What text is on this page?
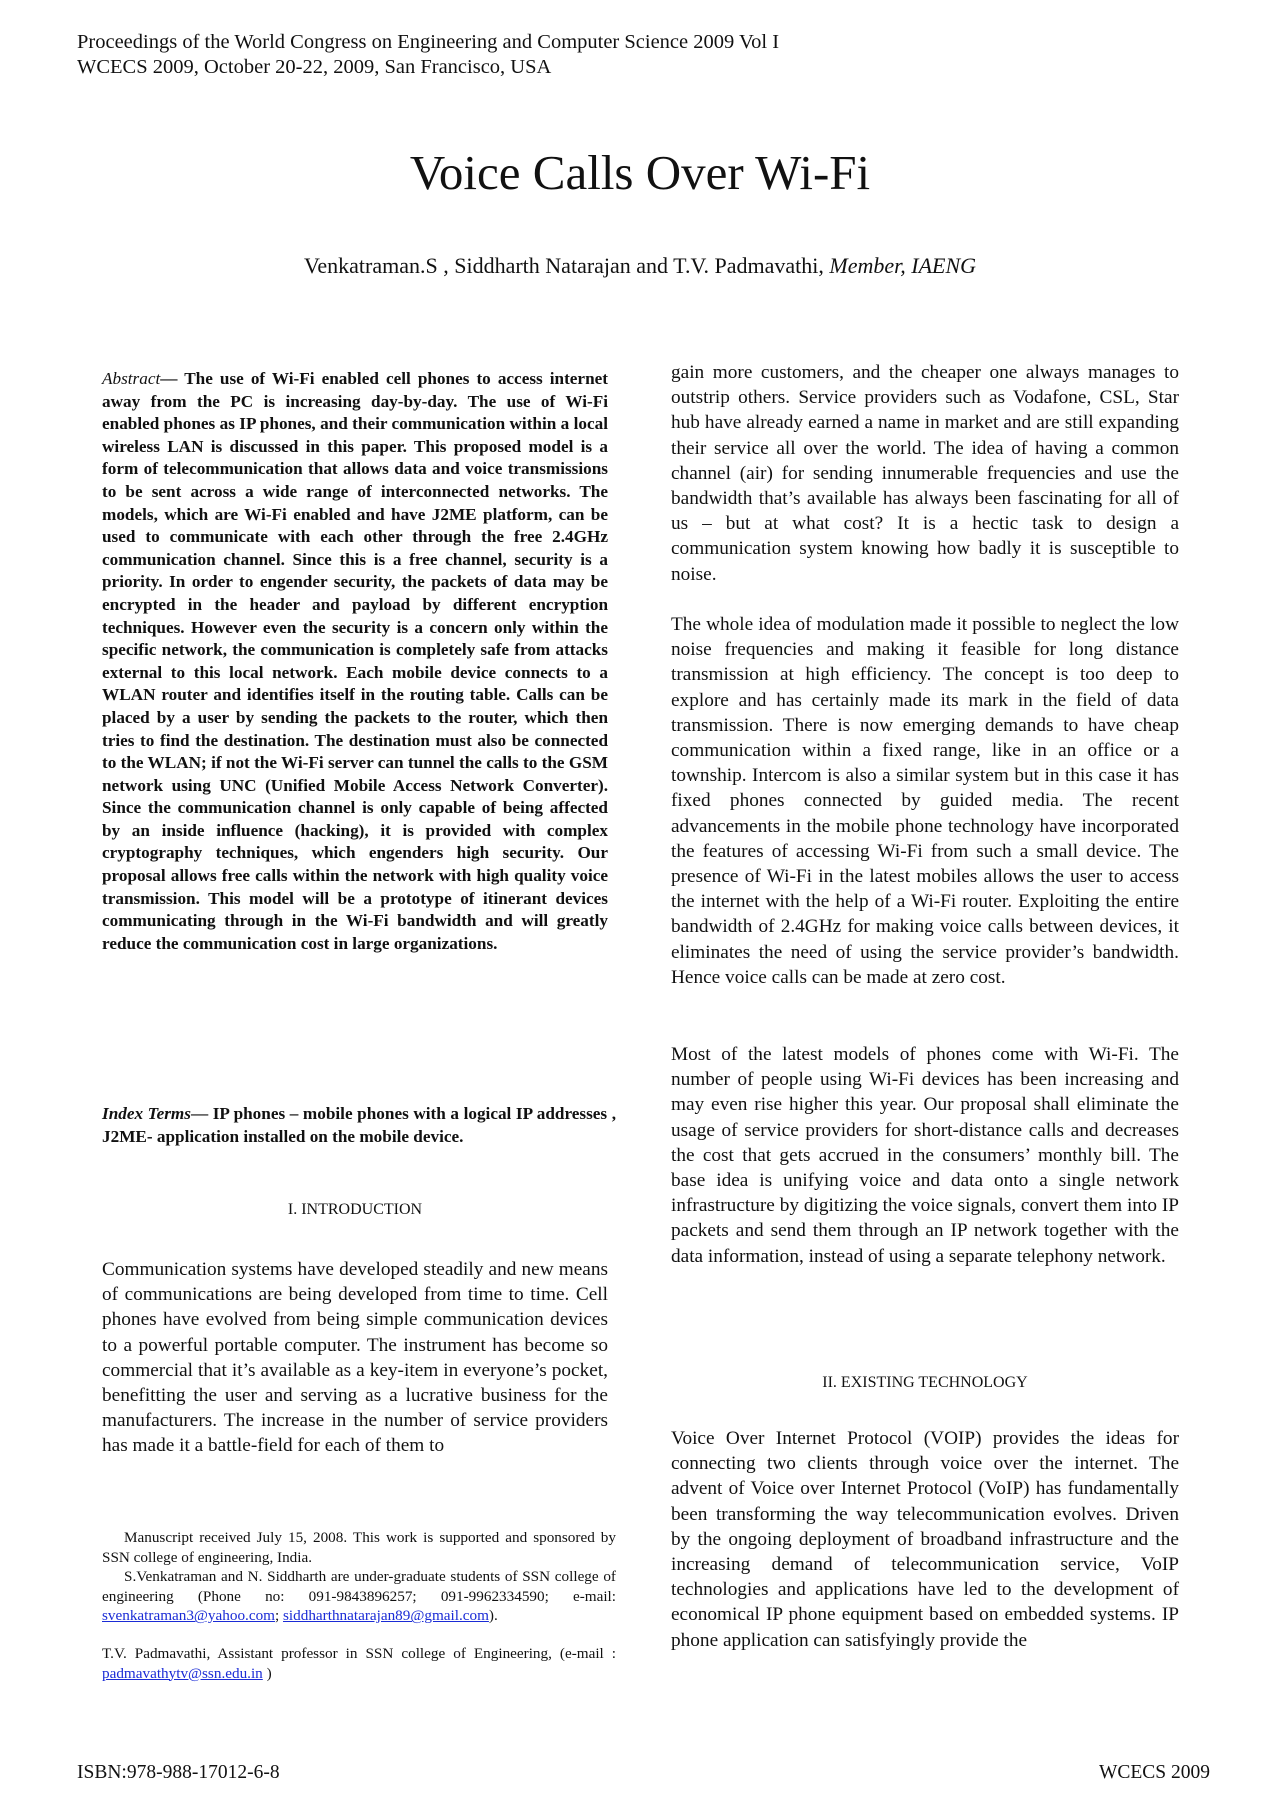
Proceedings of the World Congress on Engineering and Computer Science 2009 Vol I
WCECS 2009, October 20-22, 2009, San Francisco, USA
Voice Calls Over Wi-Fi
Venkatraman.S , Siddharth Natarajan and T.V. Padmavathi, Member, IAENG
Abstract— The use of Wi-Fi enabled cell phones to access internet away from the PC is increasing day-by-day. The use of Wi-Fi enabled phones as IP phones, and their communication within a local wireless LAN is discussed in this paper. This proposed model is a form of telecommunication that allows data and voice transmissions to be sent across a wide range of interconnected networks. The models, which are Wi-Fi enabled and have J2ME platform, can be used to communicate with each other through the free 2.4GHz communication channel. Since this is a free channel, security is a priority. In order to engender security, the packets of data may be encrypted in the header and payload by different encryption techniques. However even the security is a concern only within the specific network, the communication is completely safe from attacks external to this local network. Each mobile device connects to a WLAN router and identifies itself in the routing table. Calls can be placed by a user by sending the packets to the router, which then tries to find the destination. The destination must also be connected to the WLAN; if not the Wi-Fi server can tunnel the calls to the GSM network using UNC (Unified Mobile Access Network Converter). Since the communication channel is only capable of being affected by an inside influence (hacking), it is provided with complex cryptography techniques, which engenders high security. Our proposal allows free calls within the network with high quality voice transmission. This model will be a prototype of itinerant devices communicating through in the Wi-Fi bandwidth and will greatly reduce the communication cost in large organizations.
Index Terms— IP phones – mobile phones with a logical IP addresses , J2ME- application installed on the mobile device.
I. INTRODUCTION

Communication systems have developed steadily and new means of communications are being developed from time to time. Cell phones have evolved from being simple communication devices to a powerful portable computer. The instrument has become so commercial that it’s available as a key-item in everyone’s pocket, benefitting the user and serving as a lucrative business for the manufacturers. The increase in the number of service providers has made it a battle-field for each of them to

Manuscript received July 15, 2008. This work is supported and sponsored by SSN college of engineering, India.

S.Venkatraman and N. Siddharth are under-graduate students of SSN college of engineering (Phone no: 091-9843896257; 091-9962334590; e-mail: svenkatraman3@yahoo.com; siddharthnatarajan89@gmail.com).

T.V. Padmavathi, Assistant professor in SSN college of Engineering, (e-mail : padmavathytv@ssn.edu.in )

gain more customers, and the cheaper one always manages to outstrip others. Service providers such as Vodafone, CSL, Star hub have already earned a name in market and are still expanding their service all over the world. The idea of having a common channel (air) for sending innumerable frequencies and use the bandwidth that’s available has always been fascinating for all of us – but at what cost? It is a hectic task to design a communication system knowing how badly it is susceptible to noise.

The whole idea of modulation made it possible to neglect the low noise frequencies and making it feasible for long distance transmission at high efficiency. The concept is too deep to explore and has certainly made its mark in the field of data transmission. There is now emerging demands to have cheap communication within a fixed range, like in an office or a township. Intercom is also a similar system but in this case it has fixed phones connected by guided media. The recent advancements in the mobile phone technology have incorporated the features of accessing Wi-Fi from such a small device. The presence of Wi-Fi in the latest mobiles allows the user to access the internet with the help of a Wi-Fi router. Exploiting the entire bandwidth of 2.4GHz for making voice calls between devices, it eliminates the need of using the service provider’s bandwidth. Hence voice calls can be made at zero cost.

Most of the latest models of phones come with Wi-Fi. The number of people using Wi-Fi devices has been increasing and may even rise higher this year. Our proposal shall eliminate the usage of service providers for short-distance calls and decreases the cost that gets accrued in the consumers’ monthly bill. The base idea is unifying voice and data onto a single network infrastructure by digitizing the voice signals, convert them into IP packets and send them through an IP network together with the data information, instead of using a separate telephony network.

II. EXISTING TECHNOLOGY

Voice Over Internet Protocol (VOIP) provides the ideas for connecting two clients through voice over the internet. The advent of Voice over Internet Protocol (VoIP) has fundamentally been transforming the way telecommunication evolves. Driven by the ongoing deployment of broadband infrastructure and the increasing demand of telecommunication service, VoIP technologies and applications have led to the development of economical IP phone equipment based on embedded systems. IP phone application can satisfyingly provide the

ISBN:978-988-17012-6-8	WCECS 2009
